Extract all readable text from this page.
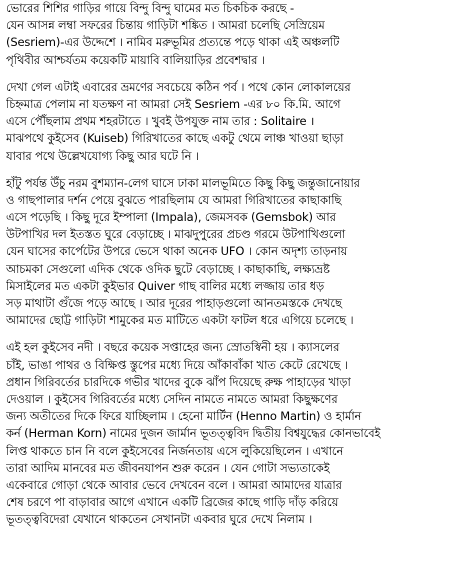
ভোরের শিশির গাড়ির গায়ে বিন্দু বিন্দু ঘামের মত চিকচিক করছে -
যেন আসন্ন লম্বা সফরের চিন্তায় গাড়িটা শঙ্কিত । আমরা চলেছি সেস্রিয়েম
(Sesriem)-এর উদ্দেশে । নামিব মরুভূমির প্রত্যন্তে পড়ে থাকা এই অঞ্চলটি
পৃথিবীর আশ্চর্যতম কয়েকটি মায়াবি বালিয়াড়ির প্রবেশদ্বার ।
দেখা গেল এটাই এবারের ভ্রমণের সবচেয়ে কঠিন পর্ব । পথে কোন লোকালয়ের
চিহ্নমাত্র পেলাম না যতক্ষণ না আমরা সেই Sesriem -এর ৮০ কি.মি. আগে
এসে পৌঁছলাম প্রথম শহরটাতে । খুবই উপযুক্ত নাম তার : Solitaire ।
মাঝপথে কুইসেব (Kuiseb) গিরিখাতের কাছে একটু থেমে লাঞ্চ খাওয়া ছাড়া
যাবার পথে উল্লেখযোগ্য কিছু আর ঘটে নি ।
হাঁটু পর্যন্ত উঁচু নরম বুশম্যান-লেগ ঘাসে ঢাকা মালভূমিতে কিছু কিছু জন্তুজানোয়ার
ও গাছপালার দর্শন পেয়ে বুঝতে পারছিলাম যে আমরা গিরিখাতের কাছাকাছি
এসে পড়েছি । কিছু দূরে ইম্পালা (Impala), জেমসবক (Gemsbok) আর
উটপাখির দল ইতস্তত ঘুরে বেড়াচ্ছে । মাঝদুপুরের প্রচণ্ড গরমে উটপাখিগুলো
যেন ঘাসের কার্পেটের উপরে ভেসে থাকা অনেক UFO । কোন অদৃশ্য তাড়নায়
আচমকা সেগুলো এদিক থেকে ওদিক ছুটে বেড়াচ্ছে । কাছাকাছি, লক্ষ্যভ্রষ্ট
মিসাইলের মত একটা কুইভার Quiver গাছ বালির মধ্যে লজ্জায় তার ধড়
সড় মাথাটা গুঁজে পড়ে আছে । আর দূরের পাহাড়গুলো আনতমস্তকে দেখছে
আমাদের ছোট্ট গাড়িটা শামুকের মত মাটিতে একটা ফাটল ধরে এগিয়ে চলেছে ।
এই হল কুইসেব নদী । বছরে কয়েক সপ্তাহের জন্য স্রোতস্বিনী হয় । ক্যাসলের
চাঁই, ভাঙা পাথর ও বিক্ষিপ্ত স্তুপের মধ্যে দিয়ে আঁকাবাঁকা খাত কেটে রেখেছে ।
প্রধান গিরিবর্তের চারদিকে গভীর খাদের বুকে ঝাঁপ দিয়েছে রুক্ষ পাহাড়ের খাড়া
দেওয়াল । কুইসেব গিরিবর্তের মধ্যে সেদিন নামতে নামতে আমরা কিছুক্ষণের
জন্য অতীতের দিকে ফিরে যাচ্ছিলাম । হেনো মার্টিন (Henno Martin) ও হার্মান
কর্ন (Herman Korn) নামের দুজন জার্মান ভূতত্ত্ববিদ দ্বিতীয় বিশ্বযুদ্ধের কোনভাবেই
লিপ্ত থাকতে চান নি বলে কুইসেবের নির্জনতায় এসে লুকিয়েছিলেন । এখানে
তারা আদিম মানবের মত জীবনযাপন শুরু করেন । যেন গোটা সভ্যতাকেই
একেবারে গোড়া থেকে আবার ভেবে দেখবেন বলে । আমরা আমাদের যাত্রার
শেষ চরণে পা বাড়াবার আগে এখানে একটি ব্রিজের কাছে গাড়ি দাঁড় করিয়ে
ভূতত্ত্ববিদেরা যেখানে থাকতেন সেখানটা একবার ঘুরে দেখে নিলাম ।
